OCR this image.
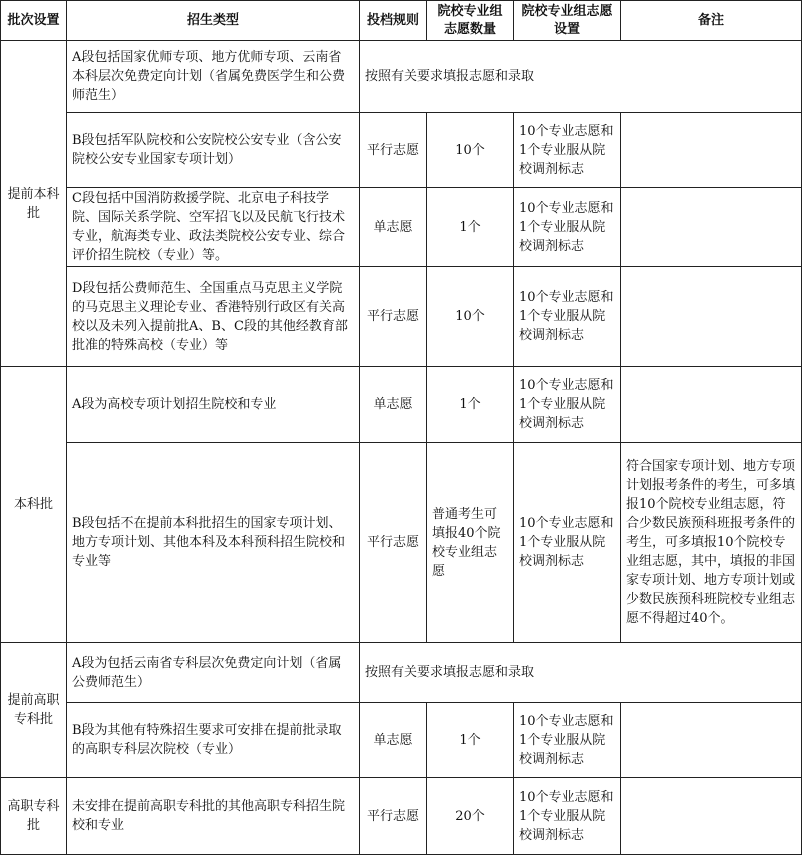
批次设置	招生类型	投档规则	院校专业组志愿数量	院校专业组志愿设置	备注
提前本科批	A段包括国家优师专项、地方优师专项、云南省本科层次免费定向计划（省属免费医学生和公费师范生）	按照有关要求填报志愿和录取			
	B段包括军队院校和公安院校公安专业（含公安院校公安专业国家专项计划）	平行志愿	10个	10个专业志愿和1个专业服从院校调剂标志	
	C段包括中国消防救援学院、北京电子科技学院、国际关系学院、空军招飞以及民航飞行技术专业，航海类专业、政法类院校公安专业、综合评价招生院校（专业）等。	单志愿	1个	10个专业志愿和1个专业服从院校调剂标志	
	D段包括公费师范生、全国重点马克思主义学院的马克思主义理论专业、香港特别行政区有关高校以及未列入提前批A、B、C段的其他经教育部批准的特殊高校（专业）等	平行志愿	10个	10个专业志愿和1个专业服从院校调剂标志	
本科批	A段为高校专项计划招生院校和专业	单志愿	1个	10个专业志愿和1个专业服从院校调剂标志	
	B段包括不在提前本科批招生的国家专项计划、地方专项计划、其他本科及本科预科招生院校和专业等	平行志愿	普通考生可填报40个院校专业组志愿	10个专业志愿和1个专业服从院校调剂标志	符合国家专项计划、地方专项计划报考条件的考生，可多填报10个院校专业组志愿，符合少数民族预科班报考条件的考生，可多填报10个院校专业组志愿，其中，填报的非国家专项计划、地方专项计划或少数民族预科班院校专业组志愿不得超过40个。
提前高职专科批	A段为包括云南省专科层次免费定向计划（省属公费师范生）	按照有关要求填报志愿和录取			
	B段为其他有特殊招生要求可安排在提前批录取的高职专科层次院校（专业）	单志愿	1个	10个专业志愿和1个专业服从院校调剂标志	
高职专科批	未安排在提前高职专科批的其他高职专科招生院校和专业	平行志愿	20个	10个专业志愿和1个专业服从院校调剂标志	
